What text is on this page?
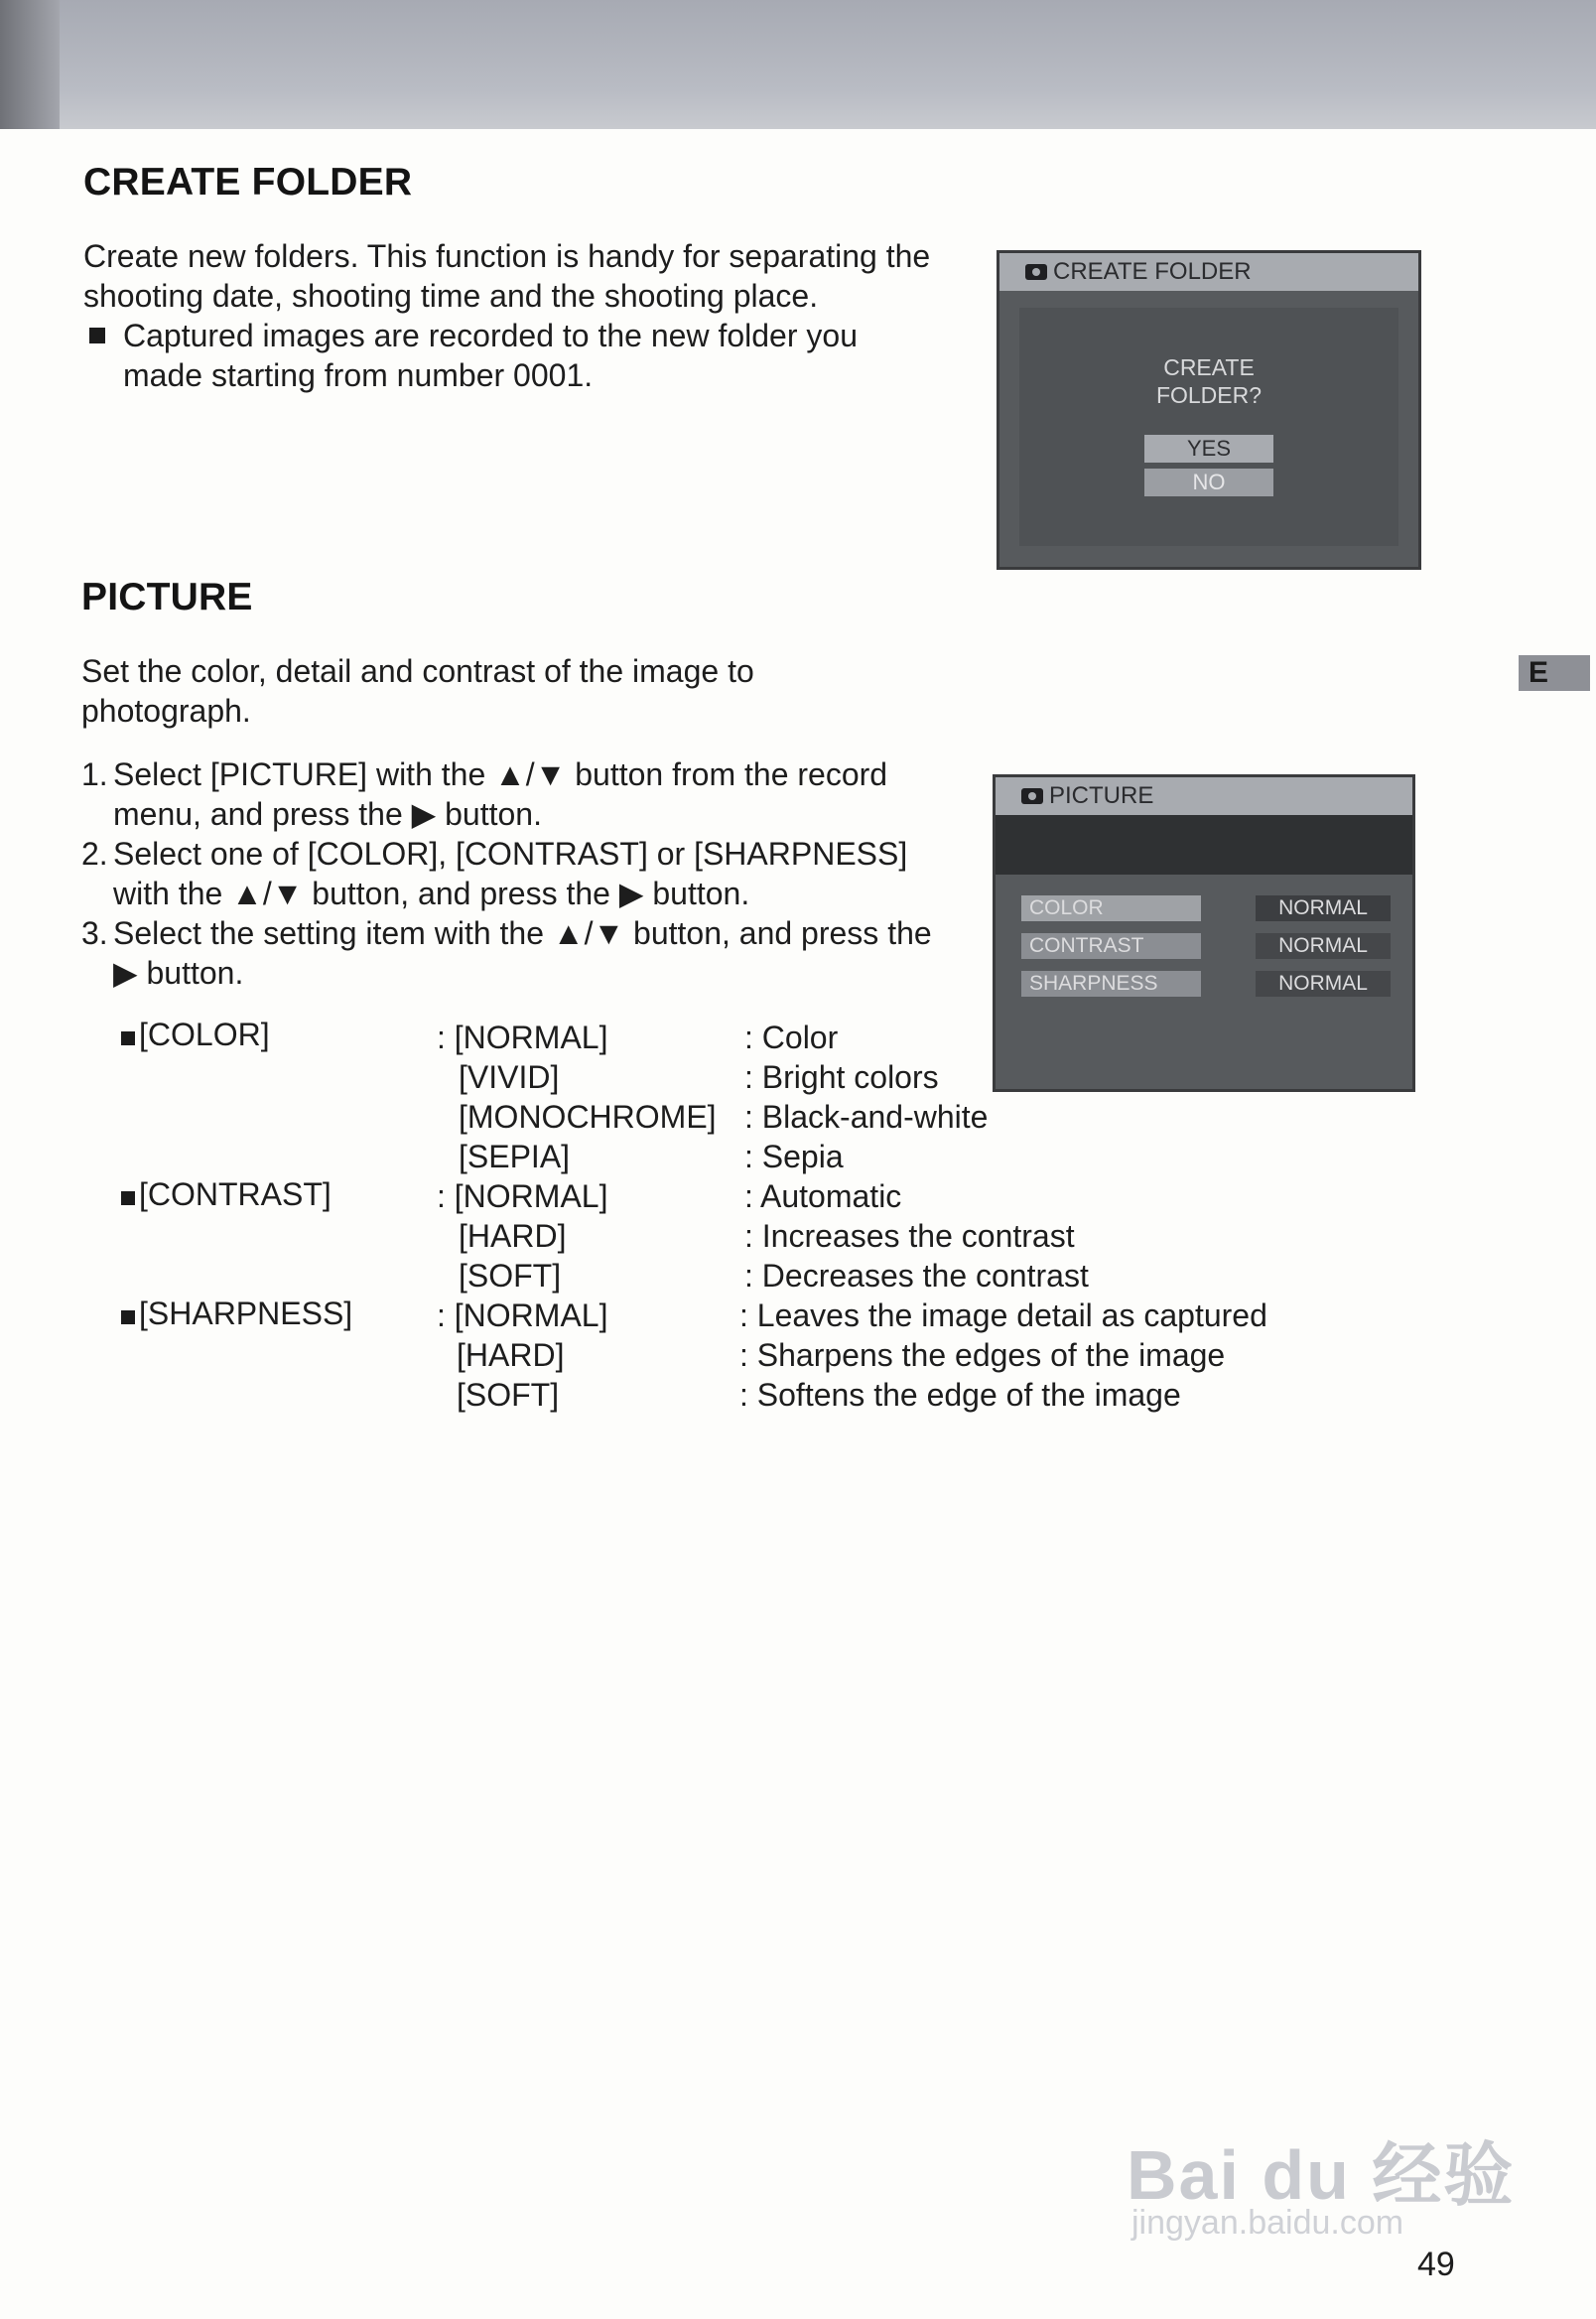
CREATE FOLDER

Create new folders. This function is handy for separating the shooting date, shooting time and the shooting place.

Captured images are recorded to the new folder you made starting from number 0001.

CREATE FOLDER
CREATE
FOLDER?
YES
NO
PICTURE

Set the color, detail and contrast of the image to photograph.

E
1. Select [PICTURE] with the ▲/▼ button from the record menu, and press the ▶ button.
2. Select one of [COLOR], [CONTRAST] or [SHARPNESS] with the ▲/▼ button, and press the ▶ button.
3. Select the setting item with the ▲/▼ button, and press the ▶ button.
PICTURE
COLOR	NORMAL
CONTRAST	NORMAL
SHARPNESS	NORMAL
[COLOR]	: [NORMAL]	: Color
[VIVID]	: Bright colors
[MONOCHROME] : Black-and-white
[SEPIA]	: Sepia
[CONTRAST]	: [NORMAL]	: Automatic
[HARD]	: Increases the contrast
[SOFT]	: Decreases the contrast
[SHARPNESS]	: [NORMAL]	: Leaves the image detail as captured
[HARD]	: Sharpens the edges of the image
[SOFT]	: Softens the edge of the image
Bai du 经验
jingyan.baidu.com
49
